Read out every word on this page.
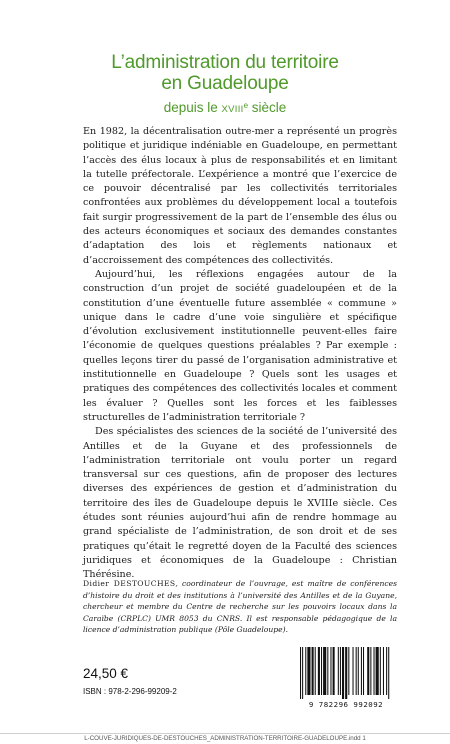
L’administration du territoire
en Guadeloupe
depuis le XVIIIe siècle

En 1982, la décentralisation outre-mer a représenté un progrès politique et juridique indéniable en Guadeloupe, en permettant l’accès des élus locaux à plus de responsabilités et en limitant la tutelle préfectorale. L’expérience a montré que l’exercice de ce pouvoir décentralisé par les collectivités territoriales confrontées aux problèmes du développement local a toutefois fait surgir progressivement de la part de l’ensemble des élus ou des acteurs économiques et sociaux des demandes constantes d’adaptation des lois et règlements nationaux et d’accroissement des compétences des collectivités.

Aujourd’hui, les réflexions engagées autour de la construction d’un projet de société guadeloupéen et de la constitution d’une éventuelle future assemblée « commune » unique dans le cadre d’une voie singulière et spécifique d’évolution exclusivement institutionnelle peuvent-elles faire l’économie de quelques questions préalables ? Par exemple : quelles leçons tirer du passé de l’organisation administrative et institutionnelle en Guadeloupe ? Quels sont les usages et pratiques des compétences des collectivités locales et comment les évaluer ? Quelles sont les forces et les faiblesses structurelles de l’administration territoriale ?

Des spécialistes des sciences de la société de l’université des Antilles et de la Guyane et des professionnels de l’administration territoriale ont voulu porter un regard transversal sur ces questions, afin de proposer des lectures diverses des expériences de gestion et d’administration du territoire des îles de Guadeloupe depuis le XVIIIe siècle. Ces études sont réunies aujourd’hui afin de rendre hommage au grand spécialiste de l’administration, de son droit et de ses pratiques qu’était le regretté doyen de la Faculté des sciences juridiques et économiques de la Guadeloupe : Christian Thérésine.

Didier DESTOUCHES, coordinateur de l’ouvrage, est maître de conférences d’histoire du droit et des institutions à l’université des Antilles et de la Guyane, chercheur et membre du Centre de recherche sur les pouvoirs locaux dans la Caraïbe (CRPLC) UMR 8053 du CNRS. Il est responsable pédagogique de la licence d’administration publique (Pôle Guadeloupe).
24,50 €
ISBN : 978-2-296-99209-2
9 782296 992092
L-COUVE-JURIDIQUES-DE-DESTOUCHES_ADMINISTRATION-TERRITOIRE-GUADELOUPE.indd 1
